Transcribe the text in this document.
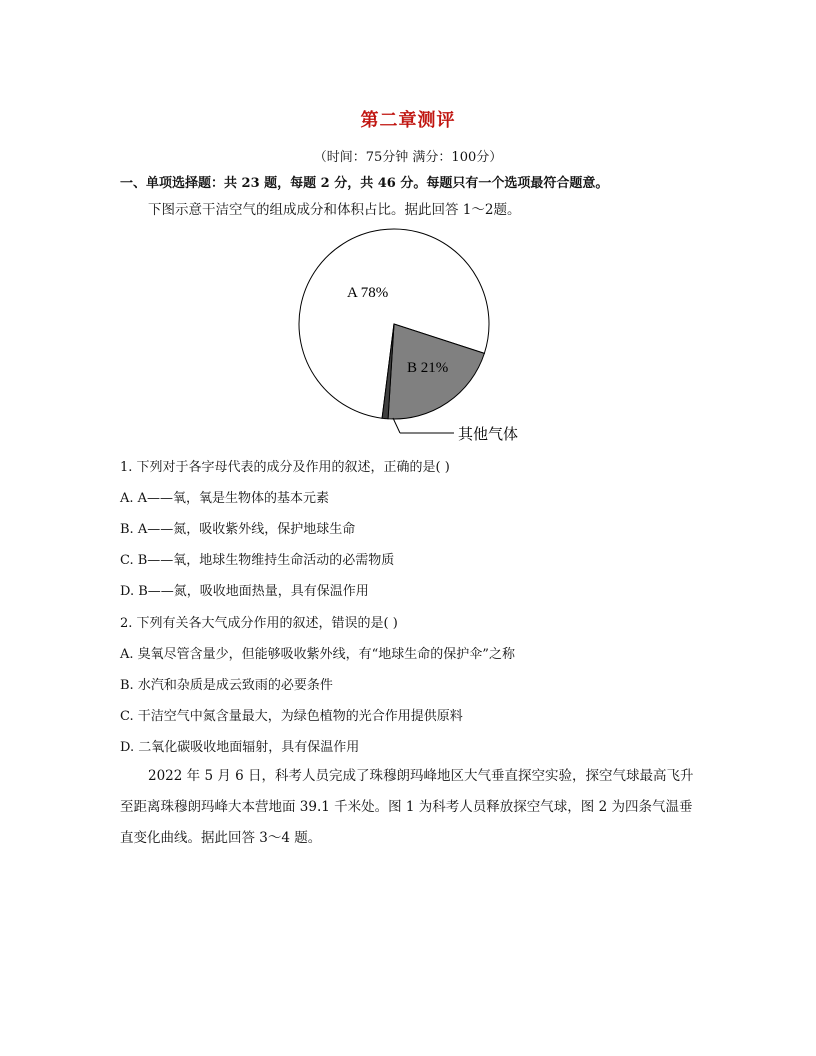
第二章测评
（时间：75分钟 满分：100分）
一、单项选择题：共 23 题，每题 2 分，共 46 分。每题只有一个选项最符合题意。
下图示意干洁空气的组成成分和体积占比。据此回答 1～2题。
A 78%
B 21%
其他气体
1. 下列对于各字母代表的成分及作用的叙述，正确的是( )
A. A——氧，氧是生物体的基本元素
B. A——氮，吸收紫外线，保护地球生命
C. B——氧，地球生物维持生命活动的必需物质
D. B——氮，吸收地面热量，具有保温作用
2. 下列有关各大气成分作用的叙述，错误的是( )
A. 臭氧尽管含量少，但能够吸收紫外线，有“地球生命的保护伞”之称
B. 水汽和杂质是成云致雨的必要条件
C. 干洁空气中氮含量最大，为绿色植物的光合作用提供原料
D. 二氧化碳吸收地面辐射，具有保温作用
2022 年 5 月 6 日，科考人员完成了珠穆朗玛峰地区大气垂直探空实验，探空气球最高飞升至距离珠穆朗玛峰大本营地面 39.1 千米处。图 1 为科考人员释放探空气球，图 2 为四条气温垂直变化曲线。据此回答 3～4 题。
